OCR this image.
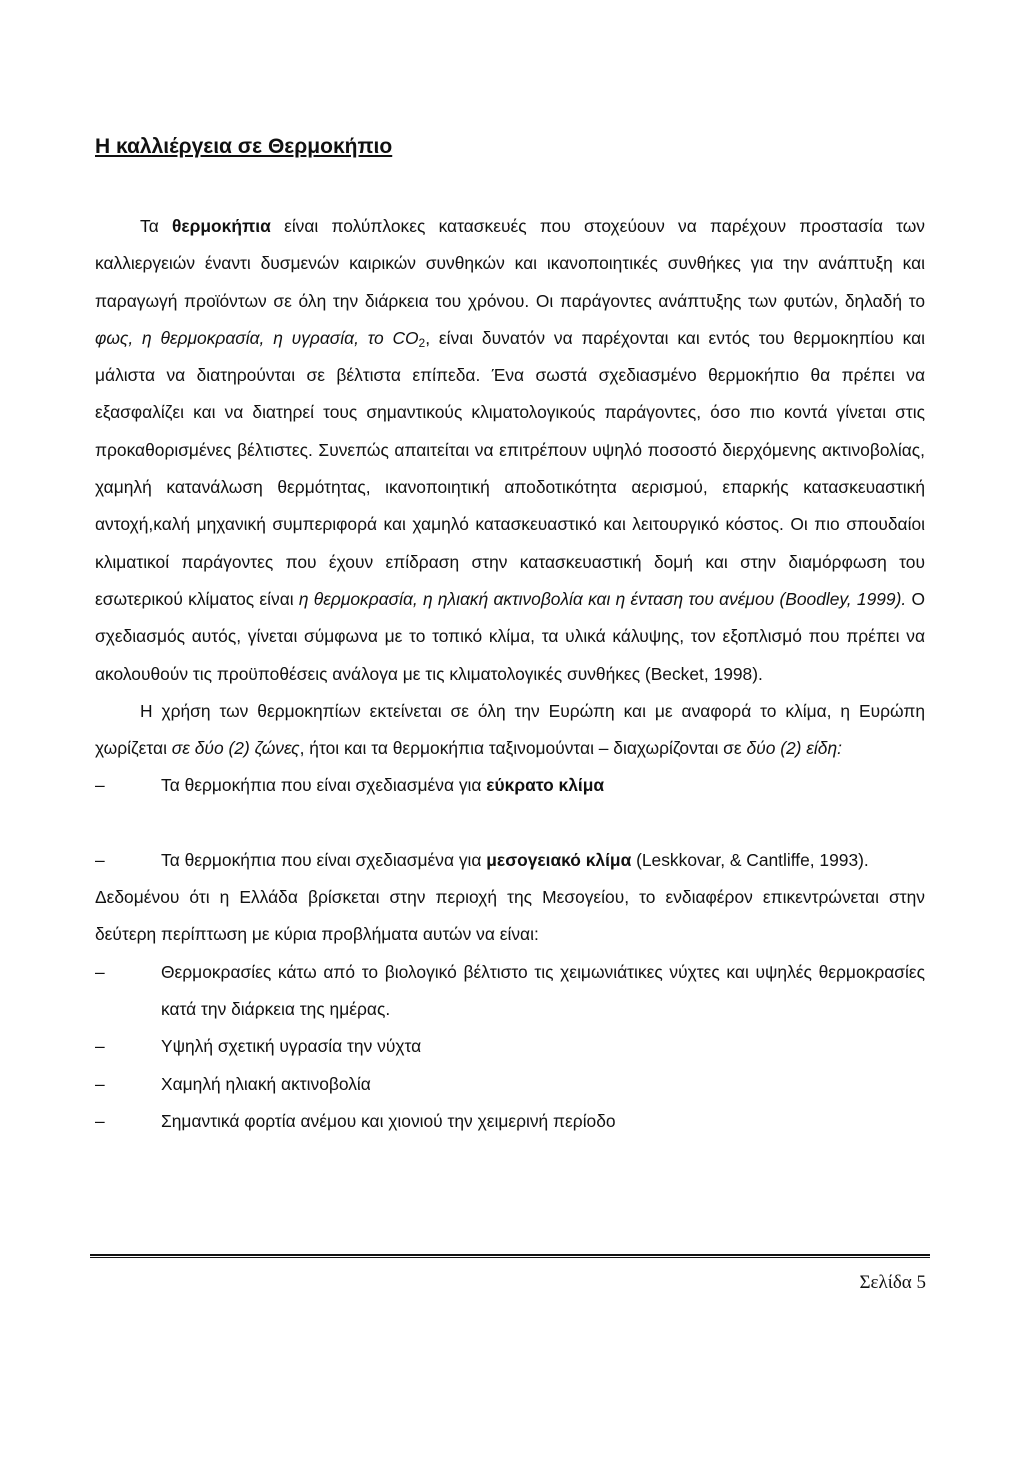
Η καλλιέργεια σε Θερμοκήπιο

Τα θερμοκήπια είναι πολύπλοκες κατασκευές που στοχεύουν να παρέχουν προστασία των καλλιεργειών έναντι δυσμενών καιρικών συνθηκών και ικανοποιητικές συνθήκες για την ανάπτυξη και παραγωγή προϊόντων σε όλη την διάρκεια του χρόνου. Οι παράγοντες ανάπτυξης των φυτών, δηλαδή το φως, η θερμοκρασία, η υγρασία, το $CO_2$, είναι δυνατόν να παρέχονται και εντός του θερμοκηπίου και μάλιστα να διατηρούνται σε βέλτιστα επίπεδα. Ένα σωστά σχεδιασμένο θερμοκήπιο θα πρέπει να εξασφαλίζει και να διατηρεί τους σημαντικούς κλιματολογικούς παράγοντες, όσο πιο κοντά γίνεται στις προκαθορισμένες βέλτιστες. Συνεπώς απαιτείται να επιτρέπουν υψηλό ποσοστό διερχόμενης ακτινοβολίας, χαμηλή κατανάλωση θερμότητας, ικανοποιητική αποδοτικότητα αερισμού, επαρκής κατασκευαστική αντοχή,καλή μηχανική συμπεριφορά και χαμηλό κατασκευαστικό και λειτουργικό κόστος. Οι πιο σπουδαίοι κλιματικοί παράγοντες που έχουν επίδραση στην κατασκευαστική δομή και στην διαμόρφωση του εσωτερικού κλίματος είναι η θερμοκρασία, η ηλιακή ακτινοβολία και η ένταση του ανέμου (Boodley, 1999). Ο σχεδιασμός αυτός, γίνεται σύμφωνα με το τοπικό κλίμα, τα υλικά κάλυψης, τον εξοπλισμό που πρέπει να ακολουθούν τις προϋποθέσεις ανάλογα με τις κλιματολογικές συνθήκες (Becket, 1998).

Η χρήση των θερμοκηπίων εκτείνεται σε όλη την Ευρώπη και με αναφορά το κλίμα, η Ευρώπη χωρίζεται σε δύο (2) ζώνες, ήτοι και τα θερμοκήπια ταξινομούνται – διαχωρίζονται σε δύο (2) είδη:

–	Τα θερμοκήπια που είναι σχεδιασμένα για εύκρατο κλίμα
–	Τα θερμοκήπια που είναι σχεδιασμένα για μεσογειακό κλίμα (Leskkovar, & Cantliffe, 1993).

Δεδομένου ότι η Ελλάδα βρίσκεται στην περιοχή της Μεσογείου, το ενδιαφέρον επικεντρώνεται στην δεύτερη περίπτωση με κύρια προβλήματα αυτών να είναι:

–	Θερμοκρασίες κάτω από το βιολογικό βέλτιστο τις χειμωνιάτικες νύχτες και υψηλές θερμοκρασίες κατά την διάρκεια της ημέρας.
–	Υψηλή σχετική υγρασία την νύχτα
–	Χαμηλή ηλιακή ακτινοβολία
–	Σημαντικά φορτία ανέμου και χιονιού την χειμερινή περίοδο
Σελίδα 5
